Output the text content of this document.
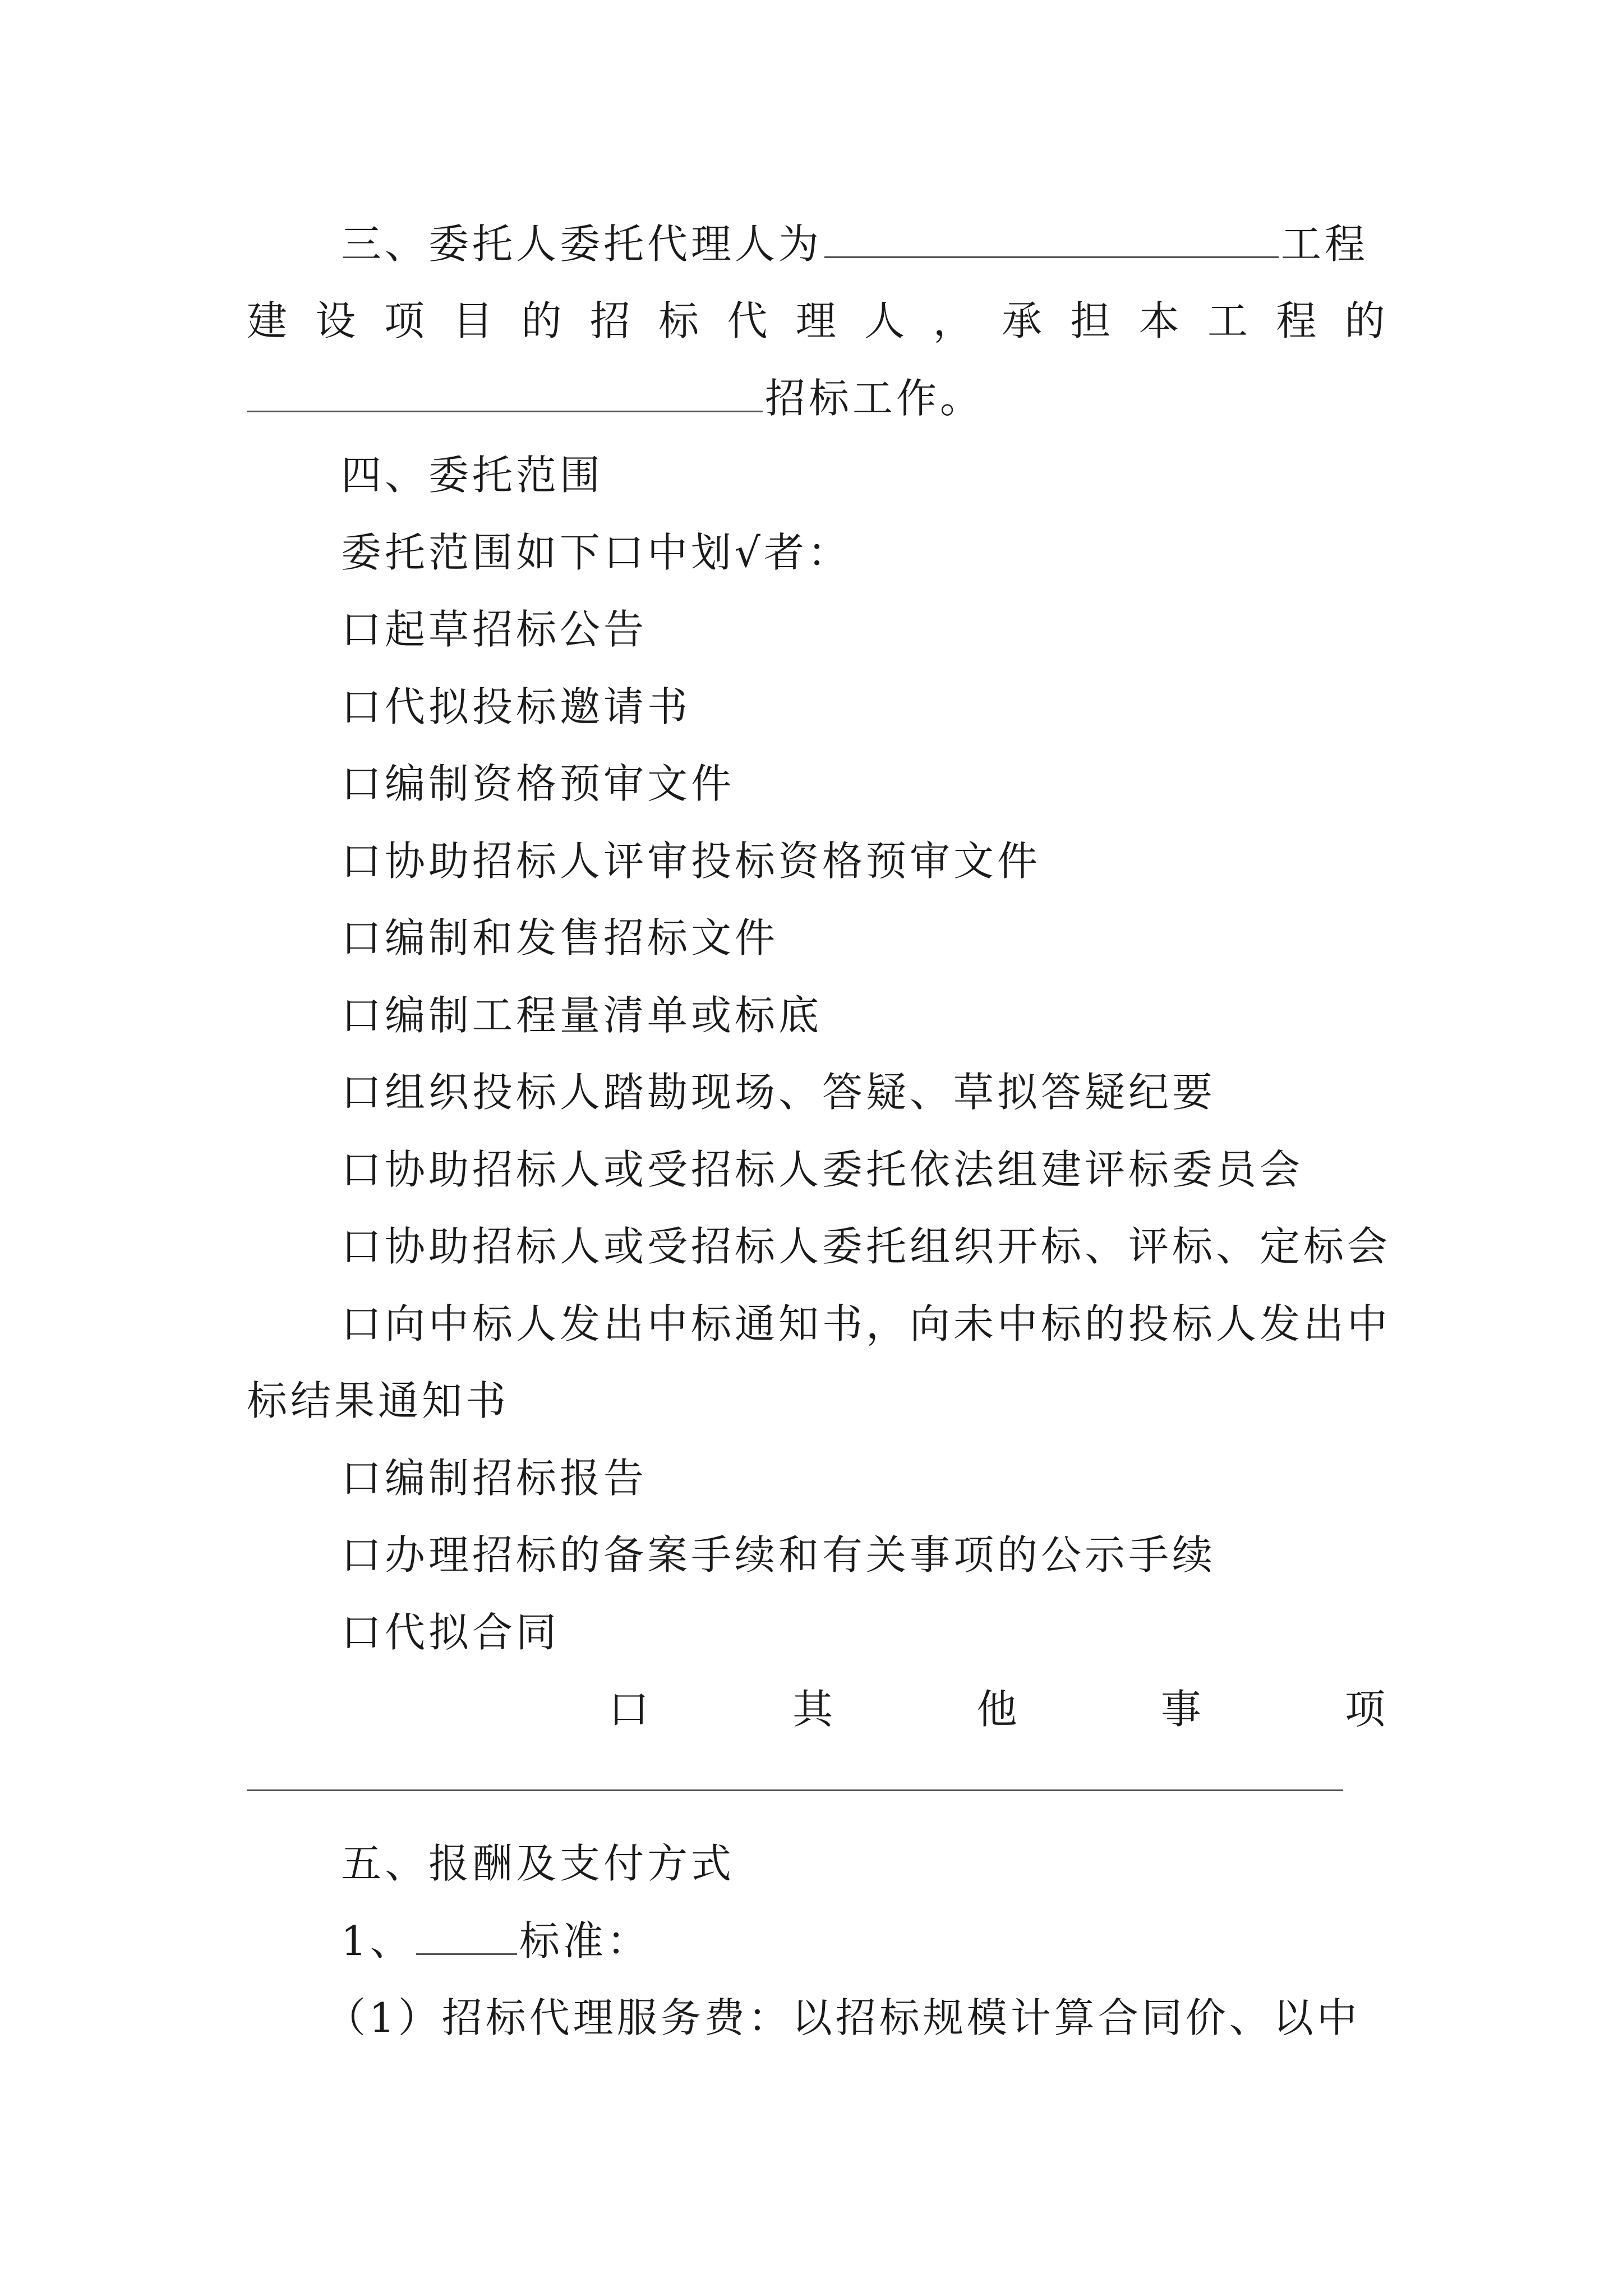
三、委托人委托代理人为	工程
建 设 项 目 的 招 标 代 理 人 ， 承 担 本 工 程 的
招标工作。
四、委托范围
委托范围如下口中划√者：
口起草招标公告
口代拟投标邀请书
口编制资格预审文件
口协助招标人评审投标资格预审文件
口编制和发售招标文件
口编制工程量清单或标底
口组织投标人踏勘现场、答疑、草拟答疑纪要
口协助招标人或受招标人委托依法组建评标委员会
口协助招标人或受招标人委托组织开标、评标、定标会
口向中标人发出中标通知书，向未中标的投标人发出中
标结果通知书
口编制招标报告
口办理招标的备案手续和有关事项的公示手续
口代拟合同
口	其	他	事	项
五、报酬及支付方式
1、	标准：
（1）招标代理服务费：以招标规模计算合同价、以中
